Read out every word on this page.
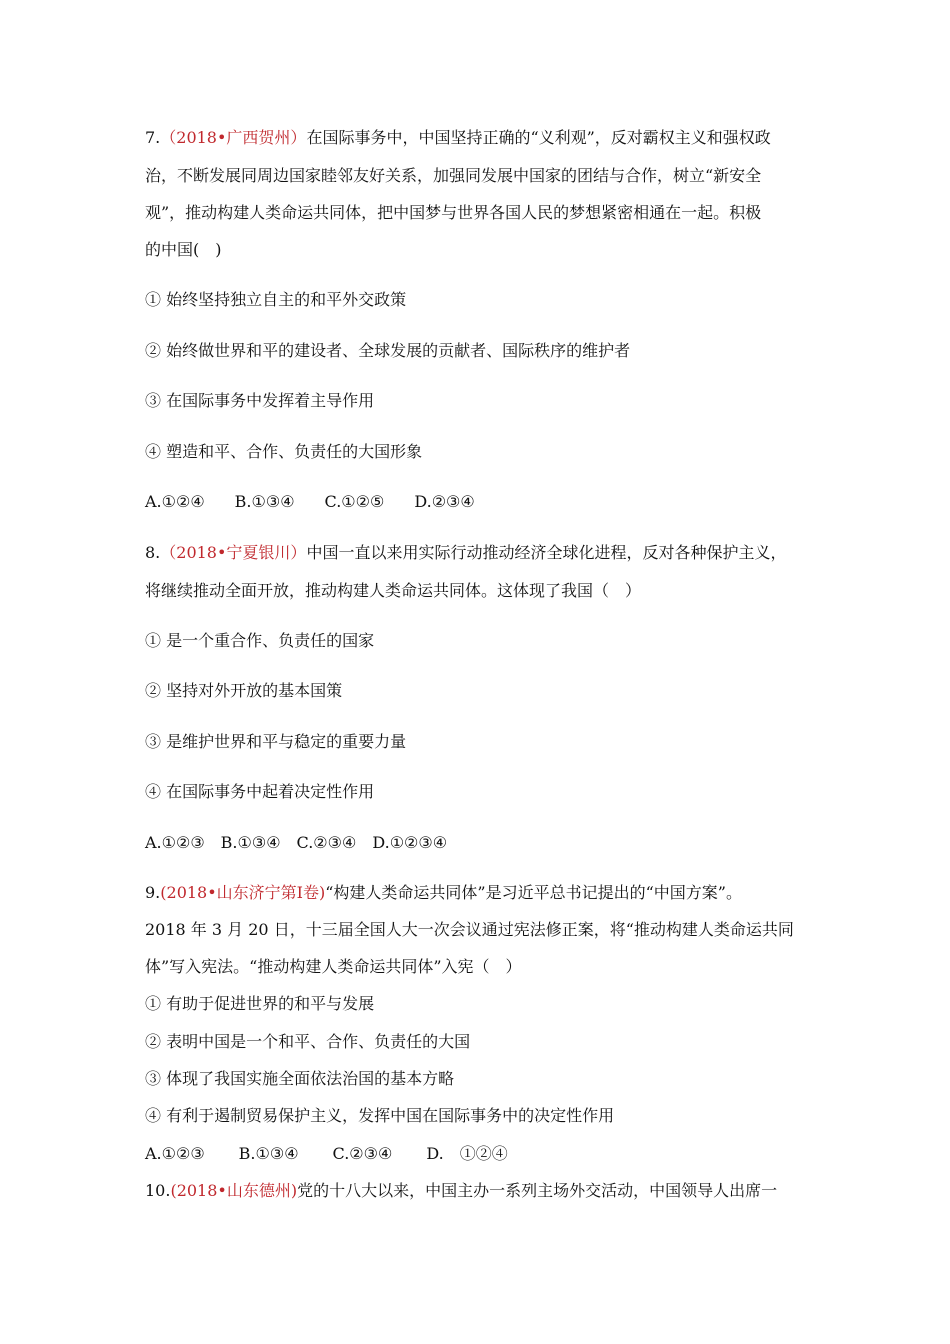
7.（2018•广西贺州）在国际事务中，中国坚持正确的“义利观”，反对霸权主义和强权政
治，不断发展同周边国家睦邻友好关系，加强同发展中国家的团结与合作，树立“新安全
观”，推动构建人类命运共同体，把中国梦与世界各国人民的梦想紧密相通在一起。积极
的中国(　)
① 始终坚持独立自主的和平外交政策
② 始终做世界和平的建设者、全球发展的贡献者、国际秩序的维护者
③ 在国际事务中发挥着主导作用
④ 塑造和平、合作、负责任的大国形象
A.①②④ B.①③④ C.①②⑤ D.②③④
8.（2018•宁夏银川）中国一直以来用实际行动推动经济全球化进程，反对各种保护主义，
将继续推动全面开放，推动构建人类命运共同体。这体现了我国（　）
① 是一个重合作、负责任的国家
② 坚持对外开放的基本国策
③ 是维护世界和平与稳定的重要力量
④ 在国际事务中起着决定性作用
A.①②③ B.①③④ C.②③④ D.①②③④
9.(2018•山东济宁第Ⅰ卷)“构建人类命运共同体”是习近平总书记提出的“中国方案”。
2018 年 3 月 20 日，十三届全国人大一次会议通过宪法修正案，将“推动构建人类命运共同
体”写入宪法。“推动构建人类命运共同体”入宪（　）
① 有助于促进世界的和平与发展
② 表明中国是一个和平、合作、负责任的大国
③ 体现了我国实施全面依法治国的基本方略
④ 有利于遏制贸易保护主义，发挥中国在国际事务中的决定性作用
A.①②③ B.①③④ C.②③④ D.　①②④
10.(2018•山东德州)党的十八大以来，中国主办一系列主场外交活动，中国领导人出席一
